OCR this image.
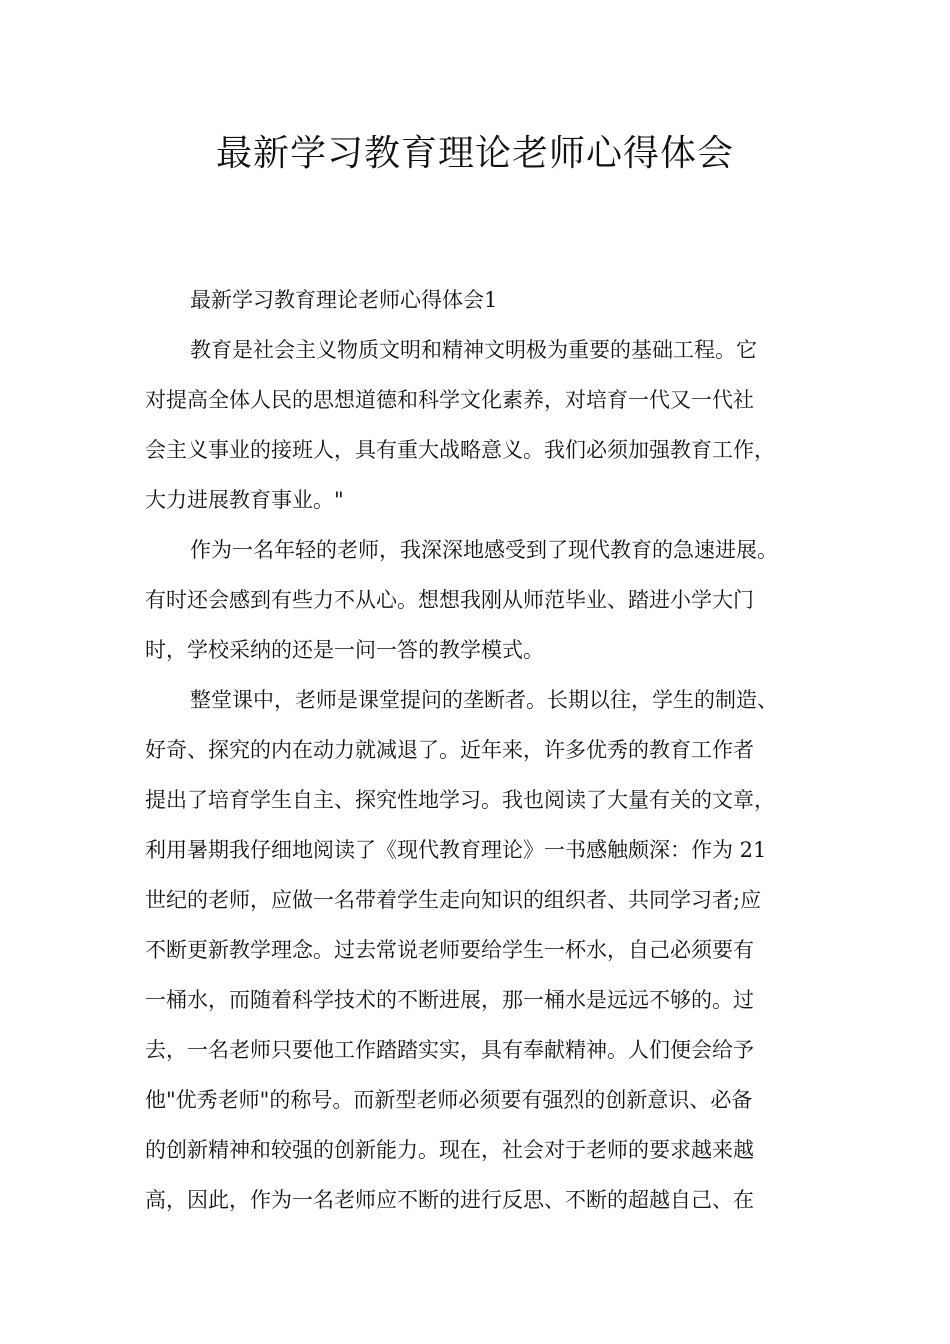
最新学习教育理论老师心得体会

最新学习教育理论老师心得体会1

教育是社会主义物质文明和精神文明极为重要的基础工程。它
对提高全体人民的思想道德和科学文化素养，对培育一代又一代社
会主义事业的接班人，具有重大战略意义。我们必须加强教育工作，
大力进展教育事业。"

作为一名年轻的老师，我深深地感受到了现代教育的急速进展。
有时还会感到有些力不从心。想想我刚从师范毕业、踏进小学大门
时，学校采纳的还是一问一答的教学模式。

整堂课中，老师是课堂提问的垄断者。长期以往，学生的制造、
好奇、探究的内在动力就减退了。近年来，许多优秀的教育工作者
提出了培育学生自主、探究性地学习。我也阅读了大量有关的文章，
利用暑期我仔细地阅读了《现代教育理论》一书感触颇深：作为 21
世纪的老师，应做一名带着学生走向知识的组织者、共同学习者;应
不断更新教学理念。过去常说老师要给学生一杯水，自己必须要有
一桶水，而随着科学技术的不断进展，那一桶水是远远不够的。过
去，一名老师只要他工作踏踏实实，具有奉献精神。人们便会给予
他"优秀老师"的称号。而新型老师必须要有强烈的创新意识、必备
的创新精神和较强的创新能力。现在，社会对于老师的要求越来越
高，因此，作为一名老师应不断的进行反思、不断的超越自己、在
